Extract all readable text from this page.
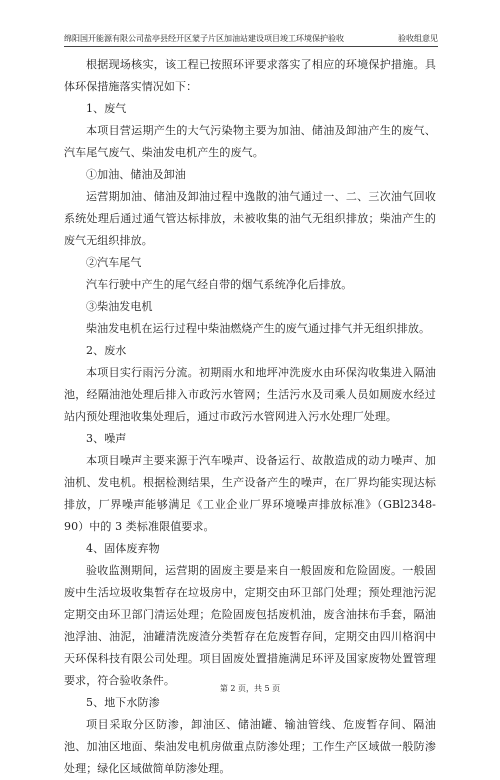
绵阳国开能源有限公司盐亭县经开区蒙子片区加油站建设项目竣工环境保护验收	验收组意见

根据现场核实，该工程已按照环评要求落实了相应的环境保护措施。具体环保措施落实情况如下：

1、废气

本项目营运期产生的大气污染物主要为加油、储油及卸油产生的废气、汽车尾气废气、柴油发电机产生的废气。

①加油、储油及卸油

运营期加油、储油及卸油过程中逸散的油气通过一、二、三次油气回收系统处理后通过通气管达标排放，未被收集的油气无组织排放；柴油产生的废气无组织排放。

②汽车尾气

汽车行驶中产生的尾气经自带的烟气系统净化后排放。

③柴油发电机

柴油发电机在运行过程中柴油燃烧产生的废气通过排气并无组织排放。

2、废水

本项目实行雨污分流。初期雨水和地坪冲洗废水由环保沟收集进入隔油池，经隔油池处理后排入市政污水管网；生活污水及司乘人员如厕废水经过站内预处理池收集处理后，通过市政污水管网进入污水处理厂处理。

3、噪声

本项目噪声主要来源于汽车噪声、设备运行、故散造成的动力噪声、加油机、发电机。根据检测结果，生产设备产生的噪声，在厂界均能实现达标排放，厂界噪声能够满足《工业企业厂界环境噪声排放标准》（GBl2348-90）中的 3 类标准限值要求。

4、固体废弃物

验收监测期间，运营期的固废主要是来自一般固废和危险固废。一般固废中生活垃圾收集暂存在垃圾房中，定期交由环卫部门处理；预处理池污泥定期交由环卫部门清运处理；危险固废包括废机油，废含油抹布手套，隔油池浮油、油泥，油罐清洗废渣分类暂存在危废暂存间，定期交由四川格润中天环保科技有限公司处理。项目固废处置措施满足环评及国家废物处置管理要求，符合验收条件。

5、地下水防渗

项目采取分区防渗，卸油区、储油罐、输油管线、危废暂存间、隔油池、加油区地面、柴油发电机房做重点防渗处理；工作生产区域做一般防渗处理；绿化区域做简单防渗处理。

第 2 页，共 5 页
